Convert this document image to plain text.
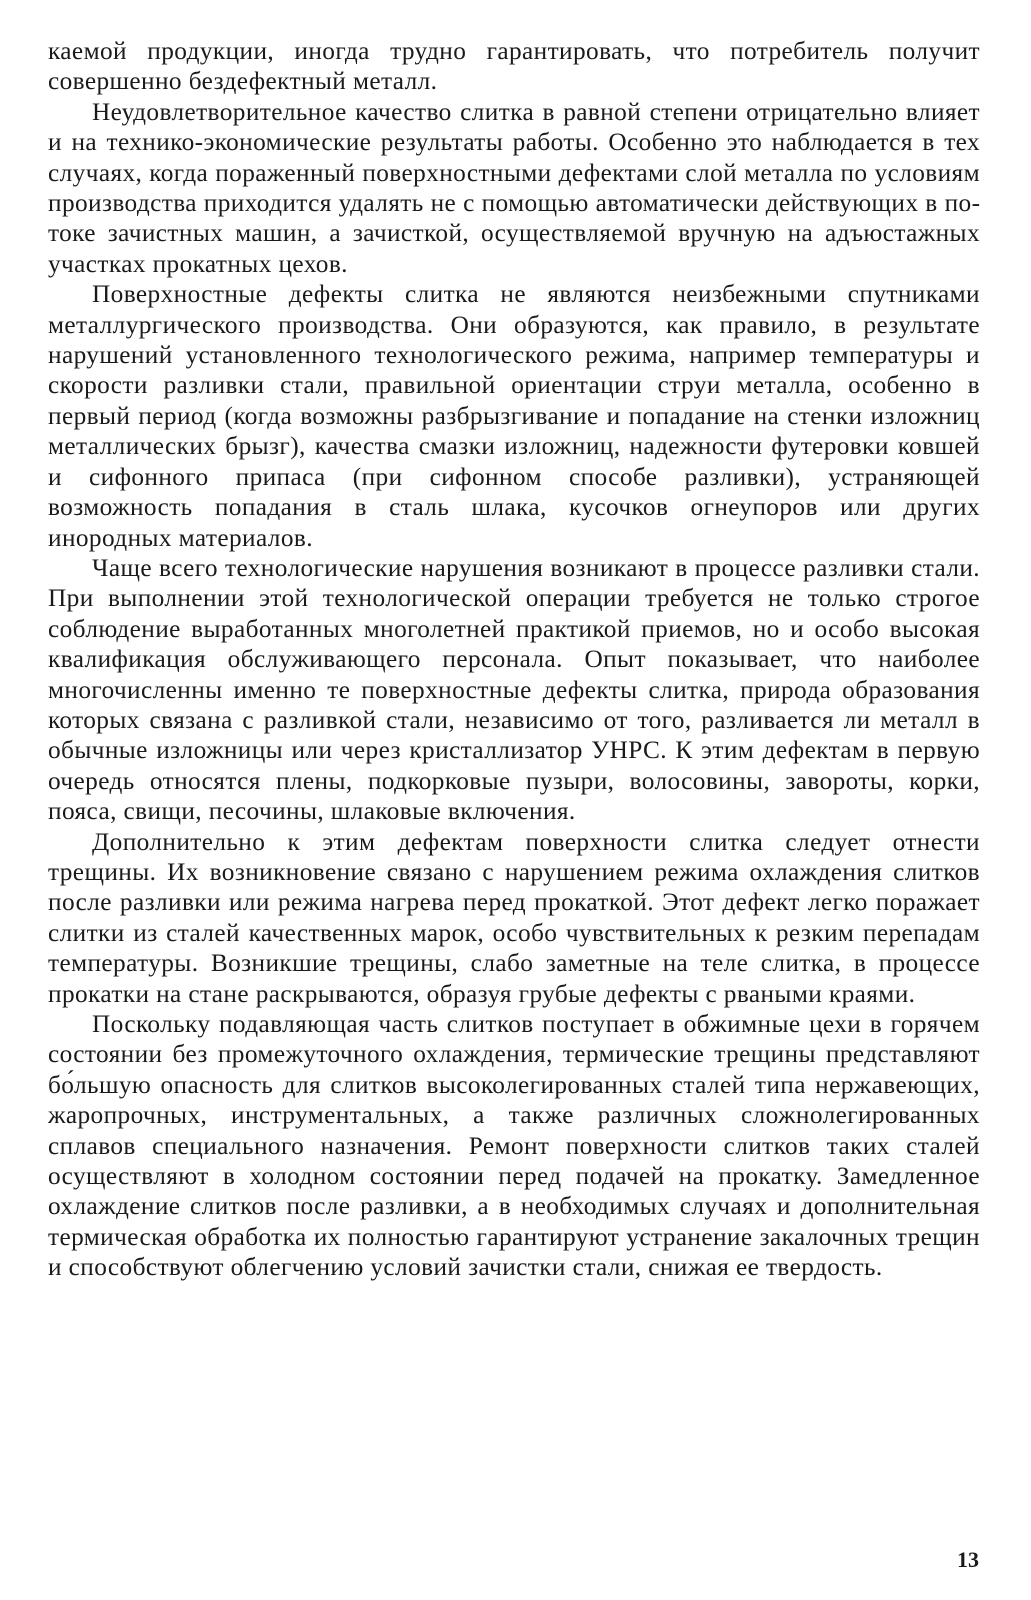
каемой продукции, иногда трудно гарантировать, что потребитель получит совершенно бездефектный металл.

Неудовлетворительное качество слитка в равной степени отрицательно влияет и на технико-экономические результаты работы. Особенно это наблюдается в тех случаях, когда пораженный поверхностными дефектами слой металла по условиям производства приходится удалять не с помощью автоматически действующих в потоке зачистных машин, а зачисткой, осуществляемой вручную на адъюстажных участках прокатных цехов.

Поверхностные дефекты слитка не являются неизбежными спутниками металлургического производства. Они образуются, как правило, в результате нарушений установленного технологического режима, например температуры и скорости разливки стали, правильной ориентации струи металла, особенно в первый период (когда возможны разбрызгивание и попадание на стенки изложниц металлических брызг), качества смазки изложниц, надежности футеровки ковшей и сифонного припаса (при сифонном способе разливки), устраняющей возможность попадания в сталь шлака, кусочков огнеупоров или других инородных материалов.

Чаще всего технологические нарушения возникают в процессе разливки стали. При выполнении этой технологической операции требуется не только строгое соблюдение выработанных многолетней практикой приемов, но и особо высокая квалификация обслуживающего персонала. Опыт показывает, что наиболее многочисленны именно те поверхностные дефекты слитка, природа образования которых связана с разливкой стали, независимо от того, разливается ли металл в обычные изложницы или через кристаллизатор УНРС. К этим дефектам в первую очередь относятся плены, подкорковые пузыри, волосовины, завороты, корки, пояса, свищи, песочины, шлаковые включения.

Дополнительно к этим дефектам поверхности слитка следует отнести трещины. Их возникновение связано с нарушением режима охлаждения слитков после разливки или режима нагрева перед прокаткой. Этот дефект легко поражает слитки из сталей качественных марок, особо чувствительных к резким перепадам температуры. Возникшие трещины, слабо заметные на теле слитка, в процессе прокатки на стане раскрываются, образуя грубые дефекты с рваными краями.

Поскольку подавляющая часть слитков поступает в обжимные цехи в горячем состоянии без промежуточного охлаждения, термические трещины представляют бо́льшую опасность для слитков высоколегированных сталей типа нержавеющих, жаропрочных, инструментальных, а также различных сложнолегированных сплавов специального назначения. Ремонт поверхности слитков таких сталей осуществляют в холодном состоянии перед подачей на прокатку. Замедленное охлаждение слитков после разливки, а в необходимых случаях и дополнительная термическая обработка их полностью гарантируют устранение закалочных трещин и способствуют облегчению условий зачистки стали, снижая ее твердость.

13
